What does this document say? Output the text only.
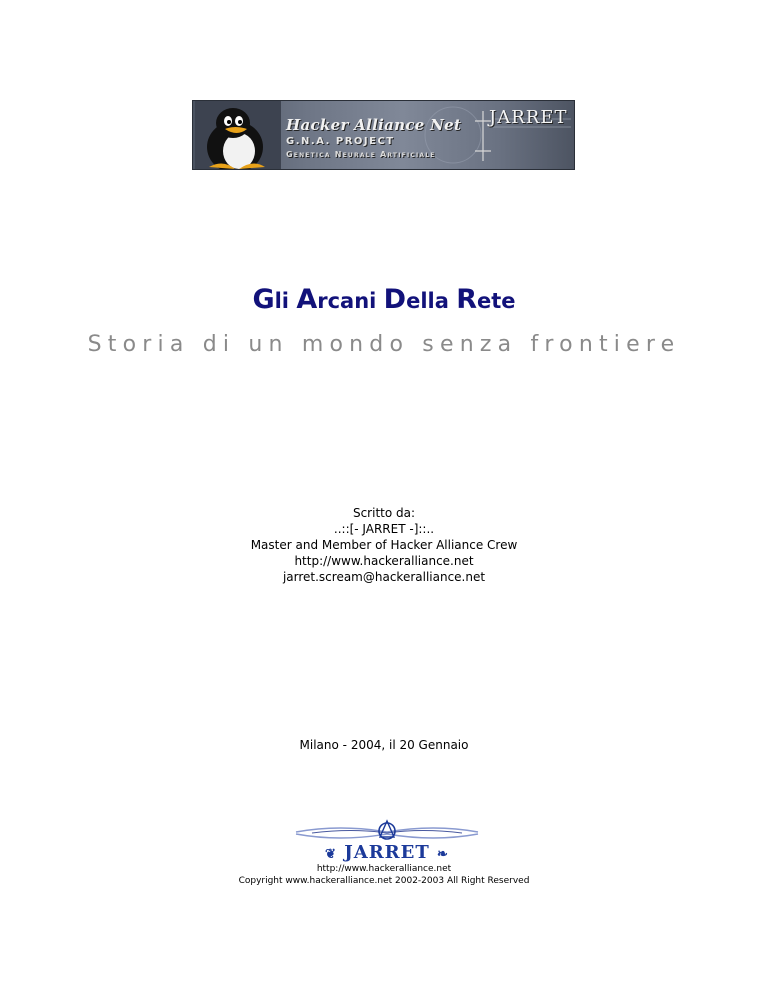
Hacker Alliance Net
G.N.A. PROJECT
Genetica Neurale Artificiale
JARRET
Gli Arcani Della Rete
Storia di un mondo senza frontiere
Scritto da:
..::[- JARRET -]::..
Master and Member of Hacker Alliance Crew
http://www.hackeralliance.net
jarret.scream@hackeralliance.net
Milano - 2004, il 20 Gennaio
❦ JARRET ❧
http://www.hackeralliance.net
Copyright www.hackeralliance.net 2002-2003 All Right Reserved
